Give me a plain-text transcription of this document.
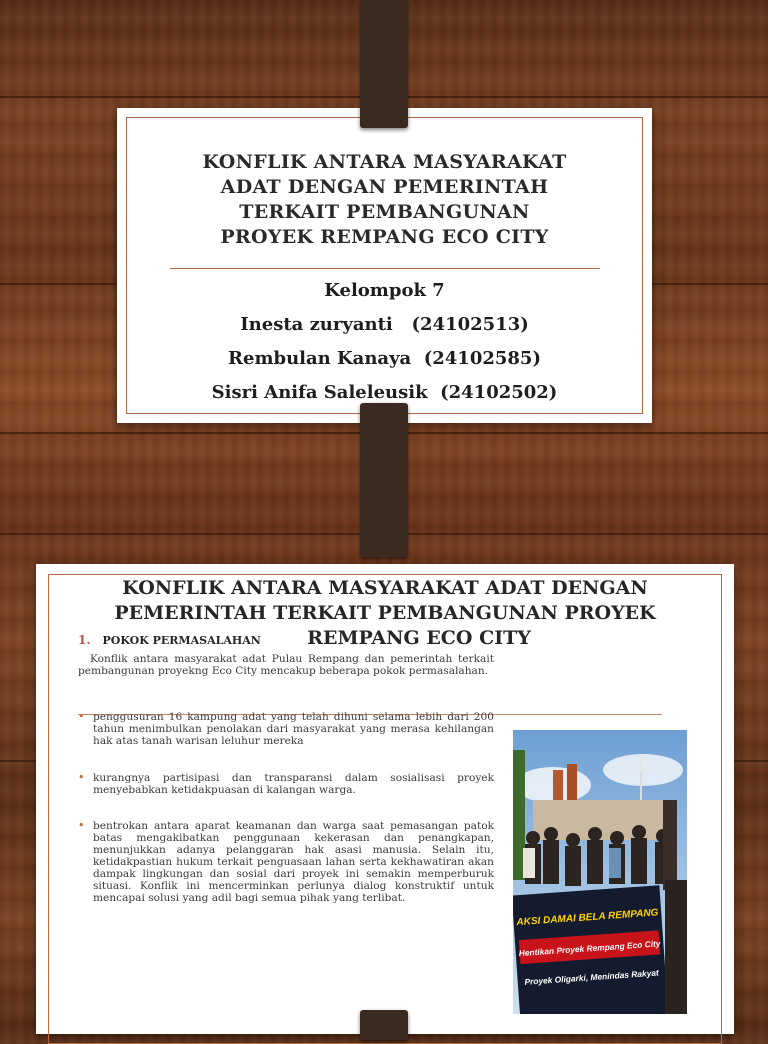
KONFLIK ANTARA MASYARAKAT
ADAT DENGAN PEMERINTAH
TERKAIT PEMBANGUNAN
PROYEK REMPANG ECO CITY
Kelompok 7
Inesta zuryanti   (24102513)
Rembulan Kanaya  (24102585)
Sisri Anifa Saleleusik  (24102502)
KONFLIK ANTARA MASYARAKAT ADAT DENGAN
PEMERINTAH TERKAIT PEMBANGUNAN PROYEK
REMPANG ECO CITY
1. POKOK PERMASALAHAN
Konflik antara masyarakat adat Pulau Rempang dan pemerintah terkait pembangunan proyekng Eco City mencakup beberapa pokok permasalahan.
• penggusuran 16 kampung adat yang telah dihuni selama lebih dari 200 tahun menimbulkan penolakan dari masyarakat yang merasa kehilangan hak atas tanah warisan leluhur mereka
• kurangnya partisipasi dan transparansi dalam sosialisasi proyek menyebabkan ketidakpuasan di kalangan warga.
• bentrokan antara aparat keamanan dan warga saat pemasangan patok batas mengakibatkan penggunaan kekerasan dan penangkapan, menunjukkan adanya pelanggaran hak asasi manusia. Selain itu, ketidakpastian hukum terkait penguasaan lahan serta kekhawatiran akan dampak lingkungan dan sosial dari proyek ini semakin memperburuk situasi. Konflik ini mencerminkan perlunya dialog konstruktif untuk mencapai solusi yang adil bagi semua pihak yang terlibat.
AKSI DAMAI BELA REMPANG
Hentikan Proyek Rempang Eco City
Proyek Oligarki, Menindas Rakyat
